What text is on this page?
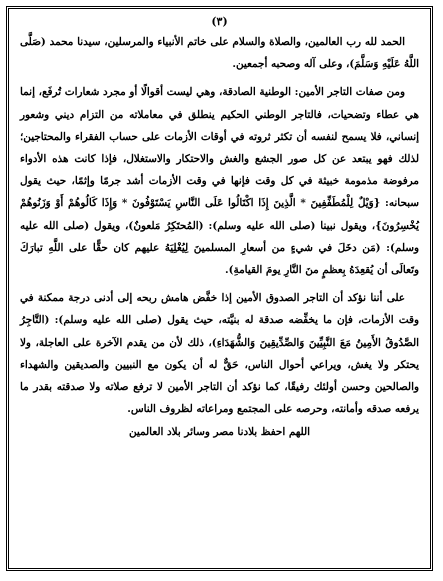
(٣)

الحمد لله رب العالمين، والصلاة والسلام على خاتم الأنبياء والمرسلين، سيدنا محمد (صَلَّى اللَّهُ عَلَيْهِ وَسَلَّمَ)، وعلى آله وصحبه أجمعين.

ومن صفات التاجر الأمين: الوطنية الصادقة، وهي ليست أقوالًا أو مجرد شعارات تُرفَع، إنما هي عطاء وتضحيات، فالتاجر الوطني الحكيم ينطلق في معاملاته من التزام ديني وشعور إنساني، فلا يسمح لنفسه أن تكثر ثروته في أوقات الأزمات على حساب الفقراء والمحتاجين؛ لذلك فهو يبتعد عن كل صور الجشع والغش والاحتكار والاستغلال، فإذا كانت هذه الأدواء مرفوضة مذمومة خبيثة في كل وقت فإنها في وقت الأزمات أشد جرمًا وإثمًا، حيث يقول سبحانه: {وَيْلٌ لِلْمُطَفِّفِينَ * الَّذِينَ إِذَا اكْتَالُوا عَلَى النَّاسِ يَسْتَوْفُونَ * وَإِذَا كَالُوهُمْ أَوْ وَزَنُوهُمْ يُخْسِرُونَ}، ويقول نبينا (صلى الله عليه وسلم): (المُحتَكِرُ مَلعونٌ)، ويقول (صلى الله عليه وسلم): (مَن دخَلَ في شيءٍ من أسعارِ المسلمينَ لِيُغْلِيَهُ عليهم كان حقًّا على اللَّهِ تبارَكَ وتَعالَى أن يُقعِدَهُ بِعظمٍ منَ النَّارِ يومَ القيامةِ).

على أننا نؤكد أن التاجر الصدوق الأمين إذا خفَّض هامش ربحه إلى أدنى درجة ممكنة في وقت الأزمات، فإن ما يخفِّضه صدقة له بنيَّته، حيث يقول (صلى الله عليه وسلم): (التَّاجِرُ الصَّدُوقُ الأَمِينُ مَعَ النَّبِيِّينَ وَالصِّدِّيقِينَ وَالشُّهَدَاءِ)، ذلك لأن من يقدم الآخرة على العاجلة، ولا يحتكر ولا يغش، ويراعي أحوال الناس، حَقٌّ له أن يكون مع النبيين والصديقين والشهداء والصالحين وحسن أولئك رفيقًا، كما نؤكد أن التاجر الأمين لا ترفع صلاته ولا صدقته بقدر ما يرفعه صدقه وأمانته، وحرصه على المجتمع ومراعاته لظروف الناس.

اللهم احفظ بلادنا مصر وسائر بلاد العالمين
